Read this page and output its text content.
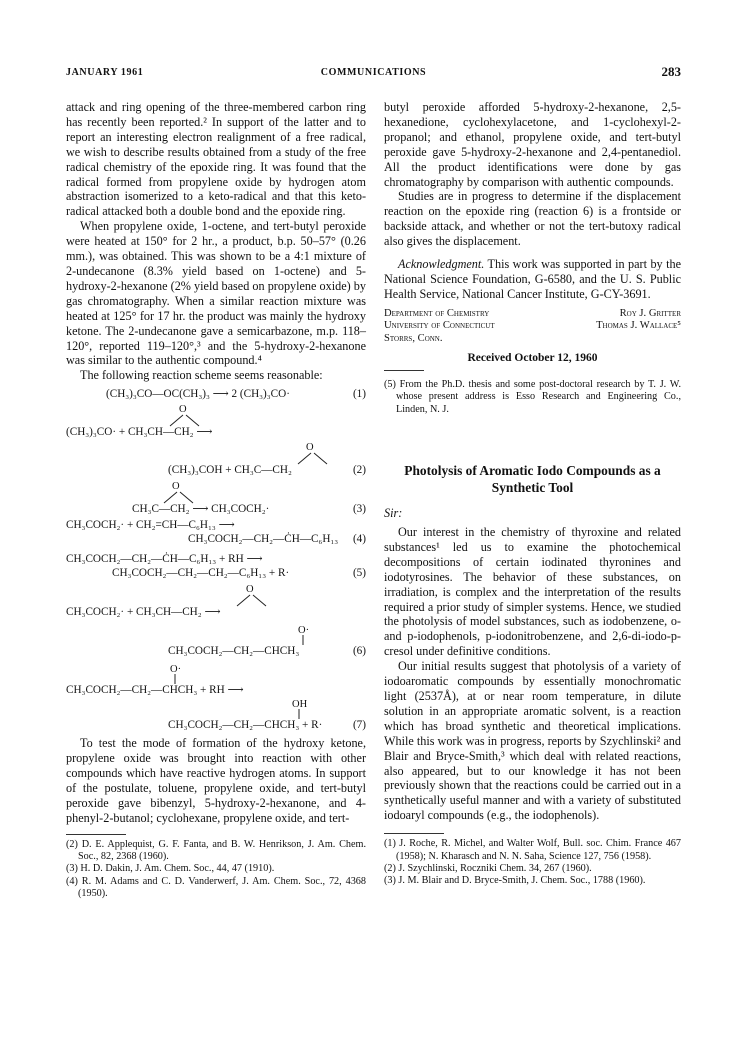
JANUARY 1961	COMMUNICATIONS	283

attack and ring opening of the three-membered carbon ring has recently been reported.² In support of the latter and to report an interesting electron realignment of a free radical, we wish to describe results obtained from a study of the free radical chemistry of the epoxide ring. It was found that the radical formed from propylene oxide by hydrogen atom abstraction isomerized to a keto-radical and that this keto-radical attacked both a double bond and the epoxide ring.

When propylene oxide, 1-octene, and tert-butyl peroxide were heated at 150° for 2 hr., a product, b.p. 50–57° (0.26 mm.), was obtained. This was shown to be a 4:1 mixture of 2-undecanone (8.3% yield based on 1-octene) and 5-hydroxy-2-hexanone (2% yield based on propylene oxide) by gas chromatography. When a similar reaction mixture was heated at 125° for 17 hr. the product was mainly the hydroxy ketone. The 2-undecanone gave a semicarbazone, m.p. 118–120°, reported 119–120°,³ and the 5-hydroxy-2-hexanone was similar to the authentic compound.⁴

The following reaction scheme seems reasonable:

(CH₃)₃CO—OC(CH₃)₃ ⟶ 2 (CH₃)₃CO·	(1)
O
(CH₃)₃CO· + CH₃CH—CH₂ ⟶
O
(CH₃)₃COH + CH₃C—CH₂	(2)
O
CH₃C—CH₂ ⟶ CH₃COCH₂·	(3)
CH₃COCH₂· + CH₂=CH—C₆H₁₃ ⟶
CH₃COCH₂—CH₂—ĊH—C₆H₁₃	(4)
CH₃COCH₂—CH₂—ĊH—C₆H₁₃ + RH ⟶
CH₃COCH₂—CH₂—CH₂—C₆H₁₃ + R·	(5)
O
CH₃COCH₂· + CH₃CH—CH₂ ⟶
O·
CH₃COCH₂—CH₂—CHCH₃	(6)
O·
CH₃COCH₂—CH₂—CHCH₃ + RH ⟶
OH
CH₃COCH₂—CH₂—CHCH₃ + R·	(7)

To test the mode of formation of the hydroxy ketone, propylene oxide was brought into reaction with other compounds which have reactive hydrogen atoms. In support of the postulate, toluene, propylene oxide, and tert-butyl peroxide gave bibenzyl, 5-hydroxy-2-hexanone, and 4-phenyl-2-butanol; cyclohexane, propylene oxide, and tert-

(2) D. E. Applequist, G. F. Fanta, and B. W. Henrikson, J. Am. Chem. Soc., 82, 2368 (1960).
(3) H. D. Dakin, J. Am. Chem. Soc., 44, 47 (1910).
(4) R. M. Adams and C. D. Vanderwerf, J. Am. Chem. Soc., 72, 4368 (1950).

butyl peroxide afforded 5-hydroxy-2-hexanone, 2,5-hexanedione, cyclohexylacetone, and 1-cyclohexyl-2-propanol; and ethanol, propylene oxide, and tert-butyl peroxide gave 5-hydroxy-2-hexanone and 2,4-pentanediol. All the product identifications were done by gas chromatography by comparison with authentic compounds.

Studies are in progress to determine if the displacement reaction on the epoxide ring (reaction 6) is a frontside or backside attack, and whether or not the tert-butoxy radical also gives the displacement.

Acknowledgment. This work was supported in part by the National Science Foundation, G-6580, and the U. S. Public Health Service, National Cancer Institute, G-CY-3691.

Department of Chemistry
University of Connecticut
Storrs, Conn.
Roy J. Gritter
Thomas J. Wallace⁵
Received October 12, 1960
(5) From the Ph.D. thesis and some post-doctoral research by T. J. W. whose present address is Esso Research and Engineering Co., Linden, N. J.
Photolysis of Aromatic Iodo Compounds as a Synthetic Tool

Sir:

Our interest in the chemistry of thyroxine and related substances¹ led us to examine the photochemical decompositions of certain iodinated thyronines and iodotyrosines. The behavior of these substances, on irradiation, is complex and the interpretation of the results required a prior study of simpler systems. Hence, we studied the photolysis of model substances, such as iodobenzene, o- and p-iodophenols, p-iodonitrobenzene, and 2,6-di-iodo-p-cresol under definitive conditions.

Our initial results suggest that photolysis of a variety of iodoaromatic compounds by essentially monochromatic light (2537Å), at or near room temperature, in dilute solution in an appropriate aromatic solvent, is a reaction which has broad synthetic and theoretical implications. While this work was in progress, reports by Szychlinski² and Blair and Bryce-Smith,³ which deal with related reactions, also appeared, but to our knowledge it has not been previously shown that the reactions could be carried out in a synthetically useful manner and with a variety of substituted iodoaryl compounds (e.g., the iodophenols).

(1) J. Roche, R. Michel, and Walter Wolf, Bull. soc. Chim. France 467 (1958); N. Kharasch and N. N. Saha, Science 127, 756 (1958).
(2) J. Szychlinski, Roczniki Chem. 34, 267 (1960).
(3) J. M. Blair and D. Bryce-Smith, J. Chem. Soc., 1788 (1960).
